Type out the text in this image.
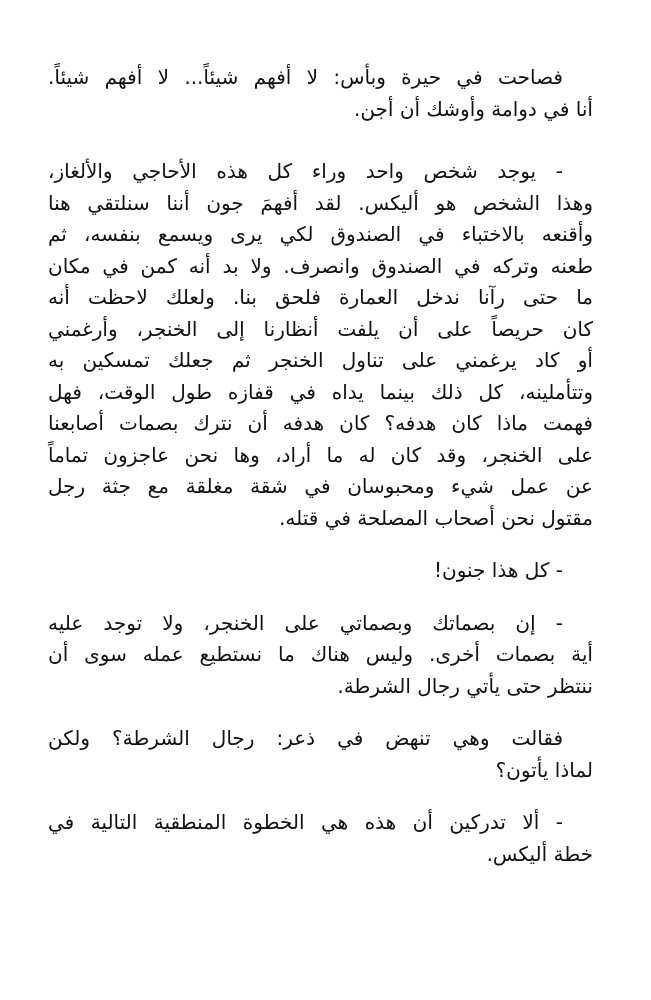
فصاحت في حيرة وبأس: لا أفهم شيئاً... لا أفهم شيئاً.
أنا في دوامة وأوشك أن أجن.

- يوجد شخص واحد وراء كل هذه الأحاجي والألغاز،
وهذا الشخص هو أليكس. لقد أفهمَ جون أننا سنلتقي هنا
وأقنعه بالاختباء في الصندوق لكي يرى ويسمع بنفسه، ثم
طعنه وتركه في الصندوق وانصرف. ولا بد أنه كمن في مكان
ما حتى رآنا ندخل العمارة فلحق بنا. ولعلك لاحظت أنه
كان حريصاً على أن يلفت أنظارنا إلى الخنجر، وأرغمني
أو كاد يرغمني على تناول الخنجر ثم جعلك تمسكين به
وتتأملينه، كل ذلك بينما يداه في قفازه طول الوقت، فهل
فهمت ماذا كان هدفه؟ كان هدفه أن نترك بصمات أصابعنا
على الخنجر، وقد كان له ما أراد، وها نحن عاجزون تماماً
عن عمل شيء ومحبوسان في شقة مغلقة مع جثة رجل
مقتول نحن أصحاب المصلحة في قتله.

- كل هذا جنون!

- إن بصماتك وبصماتي على الخنجر، ولا توجد عليه
أية بصمات أخرى. وليس هناك ما نستطيع عمله سوى أن
ننتظر حتى يأتي رجال الشرطة.

فقالت وهي تنهض في ذعر: رجال الشرطة؟ ولكن
لماذا يأتون؟

- ألا تدركين أن هذه هي الخطوة المنطقية التالية في
خطة أليكس.
